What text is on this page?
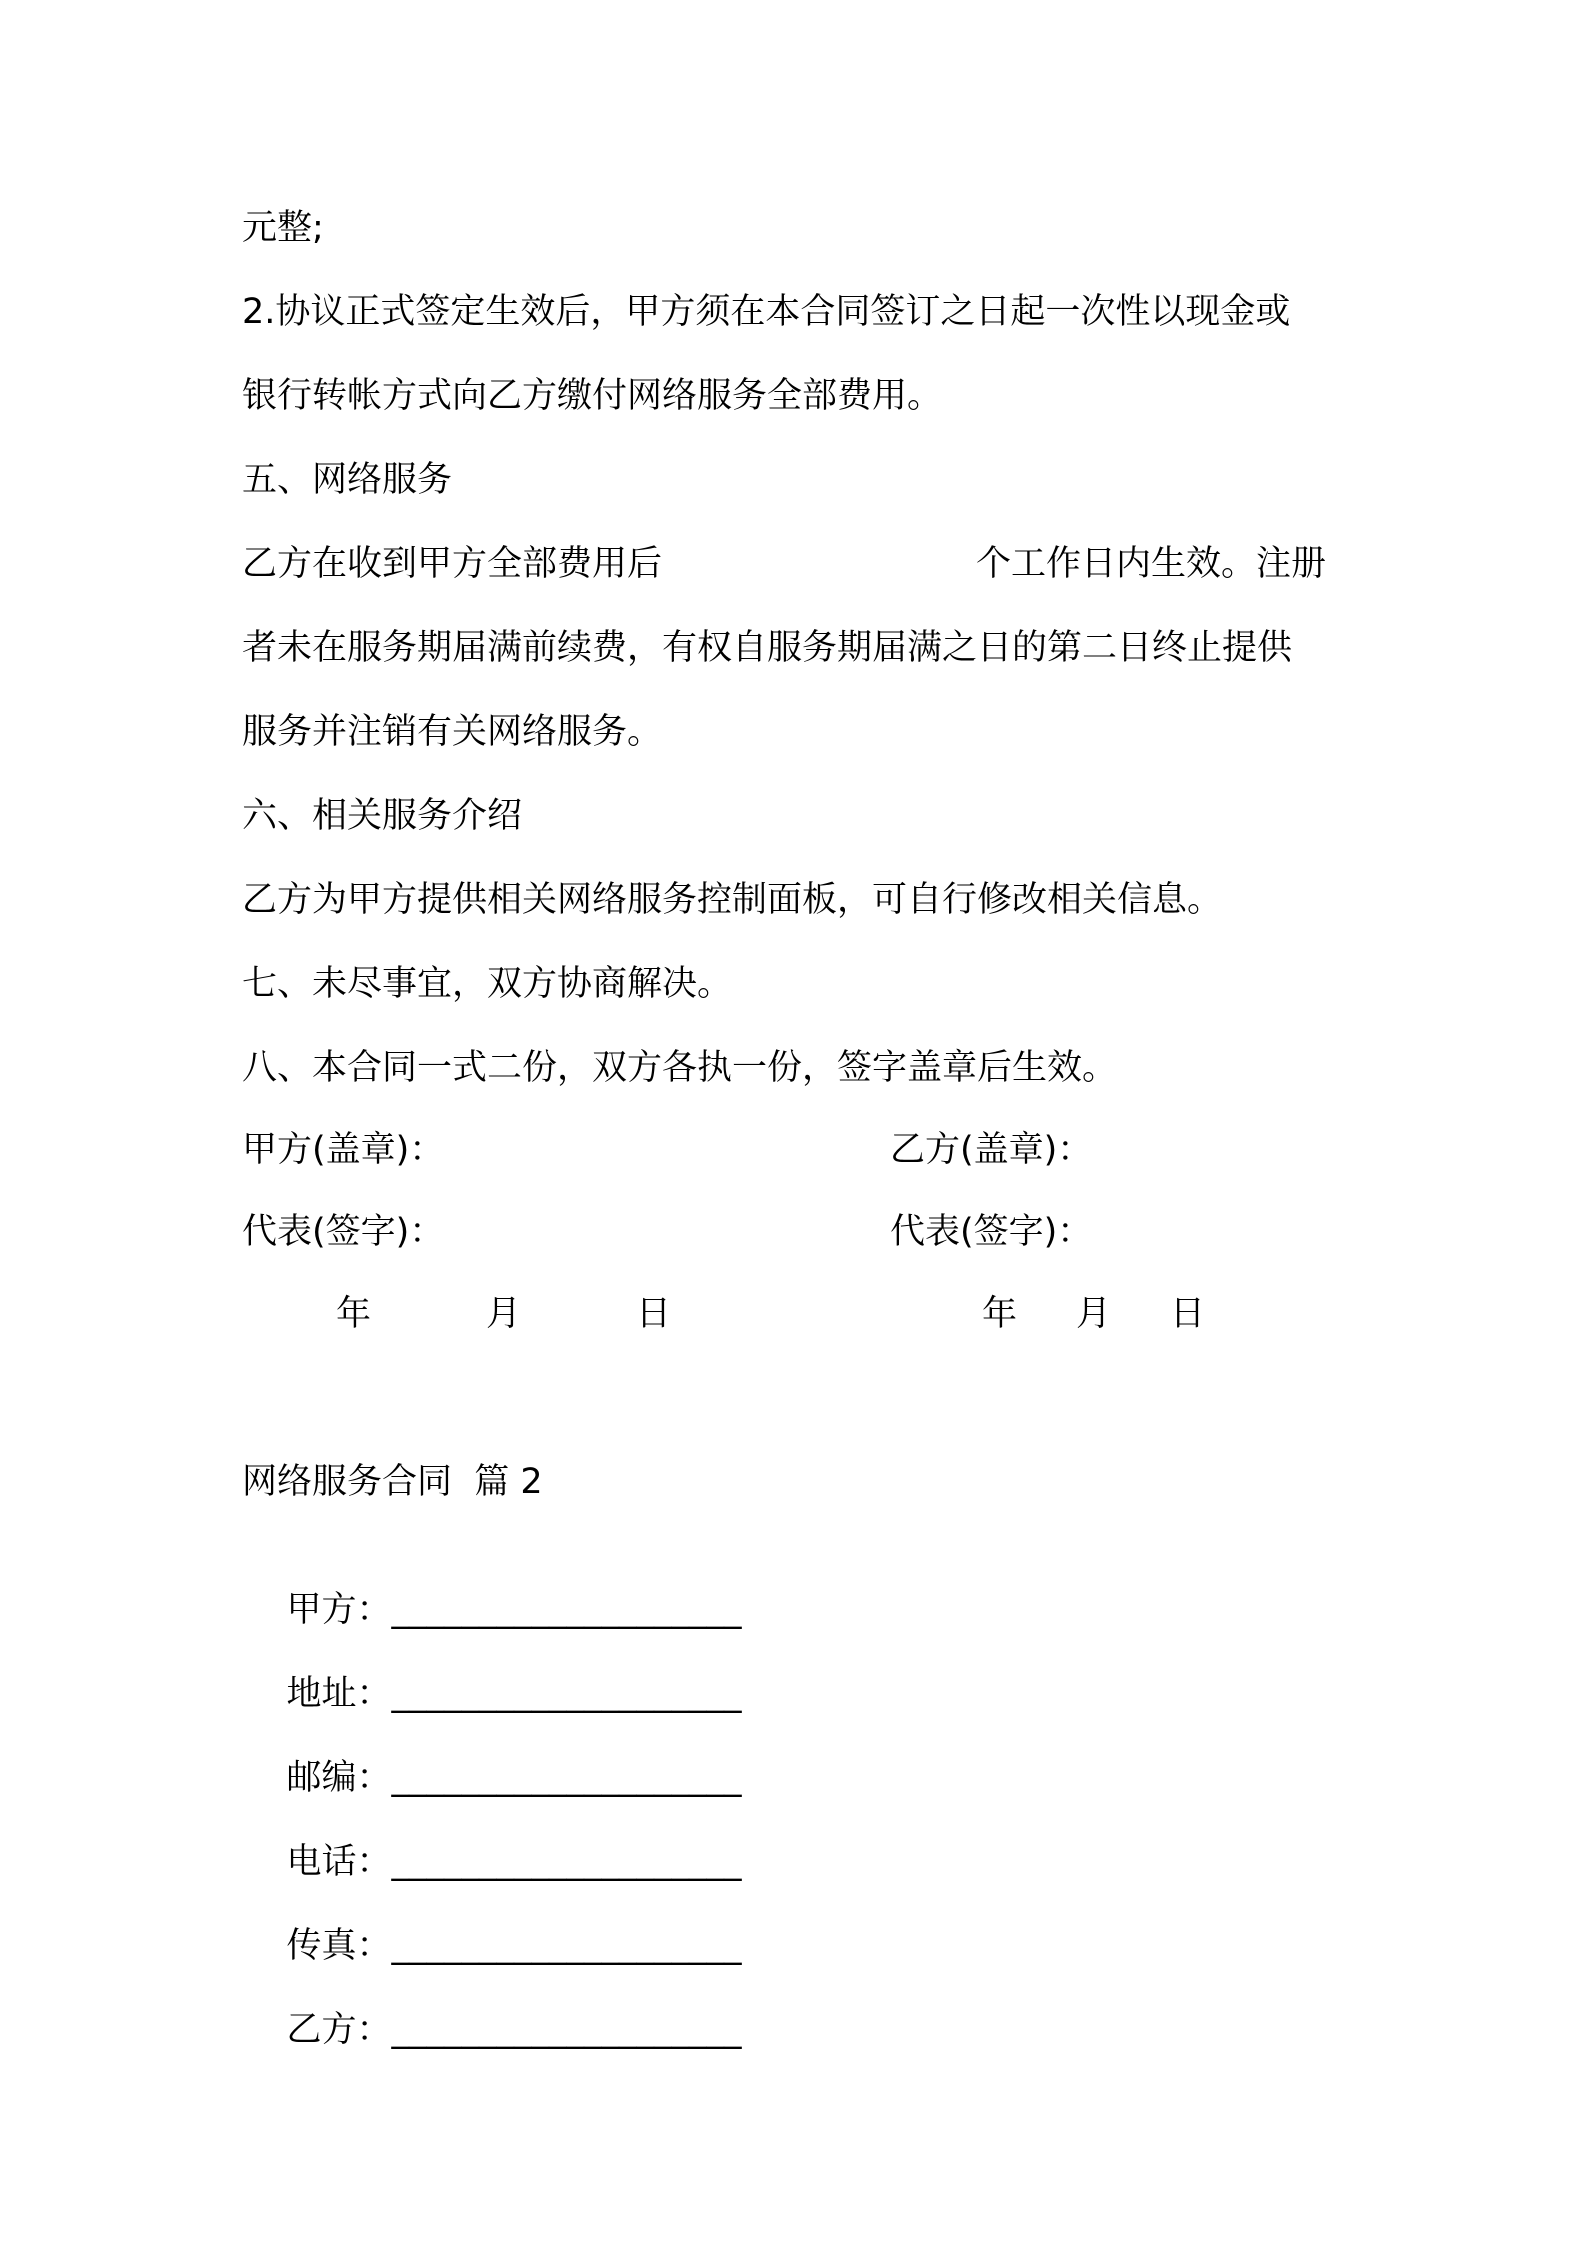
元整;
2.协议正式签定生效后，甲方须在本合同签订之日起一次性以现金或
银行转帐方式向乙方缴付网络服务全部费用。
五、网络服务
乙方在收到甲方全部费用后	个工作日内生效。注册
者未在服务期届满前续费，有权自服务期届满之日的第二日终止提供
服务并注销有关网络服务。
六、相关服务介绍
乙方为甲方提供相关网络服务控制面板，可自行修改相关信息。
七、未尽事宜，双方协商解决。
八、本合同一式二份，双方各执一份，签字盖章后生效。
甲方(盖章)：	乙方(盖章)：
代表(签字)：	代表(签字)：
年	月	日	年 月 日
网络服务合同  篇 2

甲方：____________________

地址：____________________

邮编：____________________

电话：____________________

传真：____________________

乙方：____________________
